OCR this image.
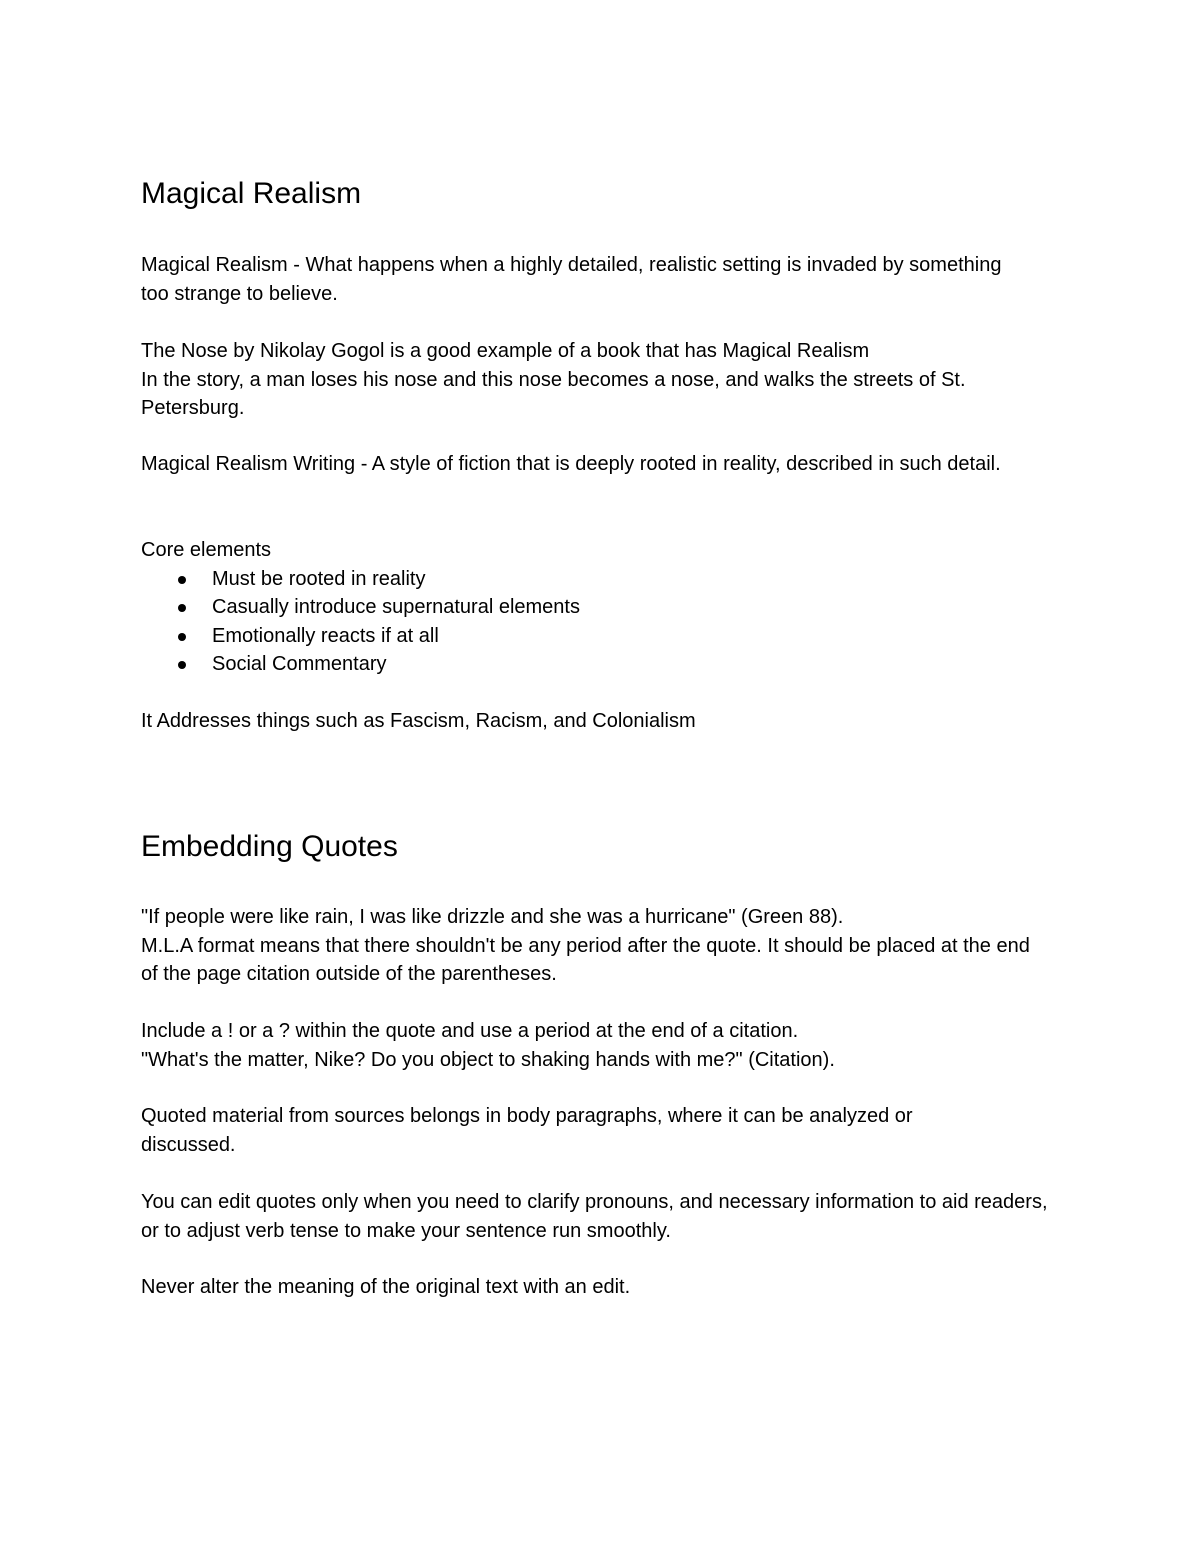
Magical Realism

Magical Realism - What happens when a highly detailed, realistic setting is invaded by something too strange to believe.

The Nose by Nikolay Gogol is a good example of a book that has Magical Realism

In the story, a man loses his nose and this nose becomes a nose, and walks the streets of St. Petersburg.

Magical Realism Writing - A style of fiction that is deeply rooted in reality, described in such detail.

Core elements

Must be rooted in reality
Casually introduce supernatural elements
Emotionally reacts if at all
Social Commentary

It Addresses things such as Fascism, Racism, and Colonialism

Embedding Quotes

"If people were like rain, I was like drizzle and she was a hurricane" (Green 88).

M.L.A format means that there shouldn't be any period after the quote. It should be placed at the end of the page citation outside of the parentheses.

Include a ! or a ? within the quote and use a period at the end of a citation.

"What's the matter, Nike? Do you object to shaking hands with me?" (Citation).

Quoted material from sources belongs in body paragraphs, where it can be analyzed or discussed.

You can edit quotes only when you need to clarify pronouns, and necessary information to aid readers, or to adjust verb tense to make your sentence run smoothly.

Never alter the meaning of the original text with an edit.
